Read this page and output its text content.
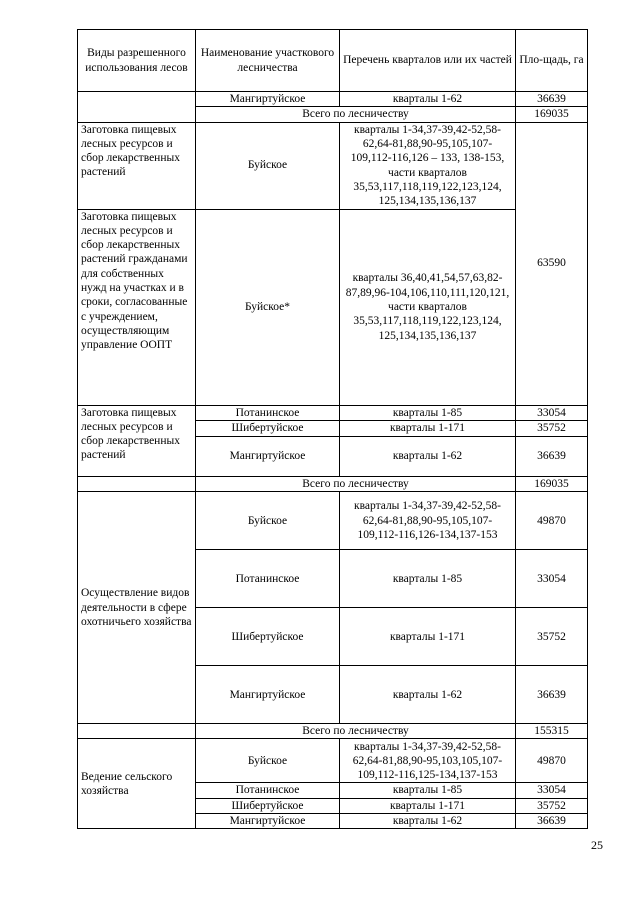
Виды разрешенного использования лесов	Наименование участкового лесничества	Перечень кварталов или их частей	Пло-щадь, га
	Мангиртуйское	кварталы 1-62	36639
	Всего по лесничеству		169035
Заготовка пищевых лесных ресурсов и сбор лекарственных растений	Буйское	кварталы 1-34,37-39,42-52,58-62,64-81,88,90-95,105,107-109,112-116,126 – 133, 138-153, части кварталов 35,53,117,118,119,122,123,124, 125,134,135,136,137	63590
Заготовка пищевых лесных ресурсов и сбор лекарственных растений гражданами для собственных нужд на участках и в сроки, согласованные с учреждением, осуществляющим управление ООПТ	Буйское*	кварталы 36,40,41,54,57,63,82-87,89,96-104,106,110,111,120,121, части кварталов 35,53,117,118,119,122,123,124, 125,134,135,136,137	
Заготовка пищевых лесных ресурсов и сбор лекарственных растений	Потанинское	кварталы 1-85	33054
	Шибертуйское	кварталы 1-171	35752
	Мангиртуйское	кварталы 1-62	36639
	Всего по лесничеству		169035
Осуществление видов деятельности в сфере охотничьего хозяйства	Буйское	кварталы 1-34,37-39,42-52,58-62,64-81,88,90-95,105,107-109,112-116,126-134,137-153	49870
	Потанинское	кварталы 1-85	33054
	Шибертуйское	кварталы 1-171	35752
	Мангиртуйское	кварталы 1-62	36639
	Всего по лесничеству		155315
Ведение сельского хозяйства	Буйское	кварталы 1-34,37-39,42-52,58-62,64-81,88,90-95,103,105,107-109,112-116,125-134,137-153	49870
	Потанинское	кварталы 1-85	33054
	Шибертуйское	кварталы 1-171	35752
	Мангиртуйское	кварталы 1-62	36639
25
